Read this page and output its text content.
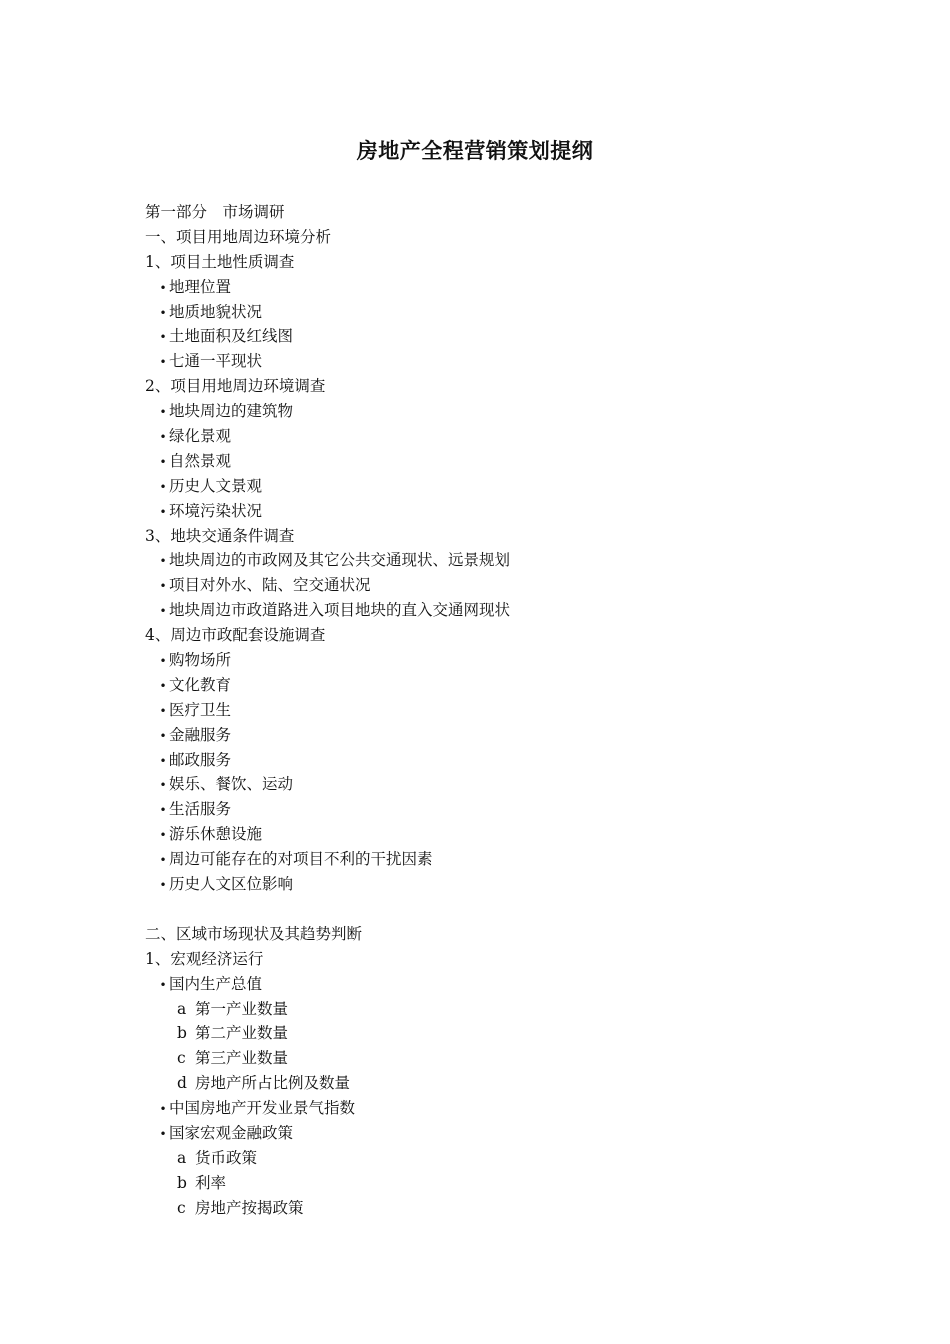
房地产全程营销策划提纲
第一部分　市场调研
一、项目用地周边环境分析
1、项目土地性质调查
• 地理位置
• 地质地貌状况
• 土地面积及红线图
• 七通一平现状
2、项目用地周边环境调查
• 地块周边的建筑物
• 绿化景观
• 自然景观
• 历史人文景观
• 环境污染状况
3、地块交通条件调查
• 地块周边的市政网及其它公共交通现状、远景规划
• 项目对外水、陆、空交通状况
• 地块周边市政道路进入项目地块的直入交通网现状
4、周边市政配套设施调查
• 购物场所
• 文化教育
• 医疗卫生
• 金融服务
• 邮政服务
• 娱乐、餐饮、运动
• 生活服务
• 游乐休憩设施
• 周边可能存在的对项目不利的干扰因素
• 历史人文区位影响
二、区域市场现状及其趋势判断
1、宏观经济运行
• 国内生产总值
a 第一产业数量
b 第二产业数量
c 第三产业数量
d 房地产所占比例及数量
• 中国房地产开发业景气指数
• 国家宏观金融政策
a 货币政策
b 利率
c 房地产按揭政策
